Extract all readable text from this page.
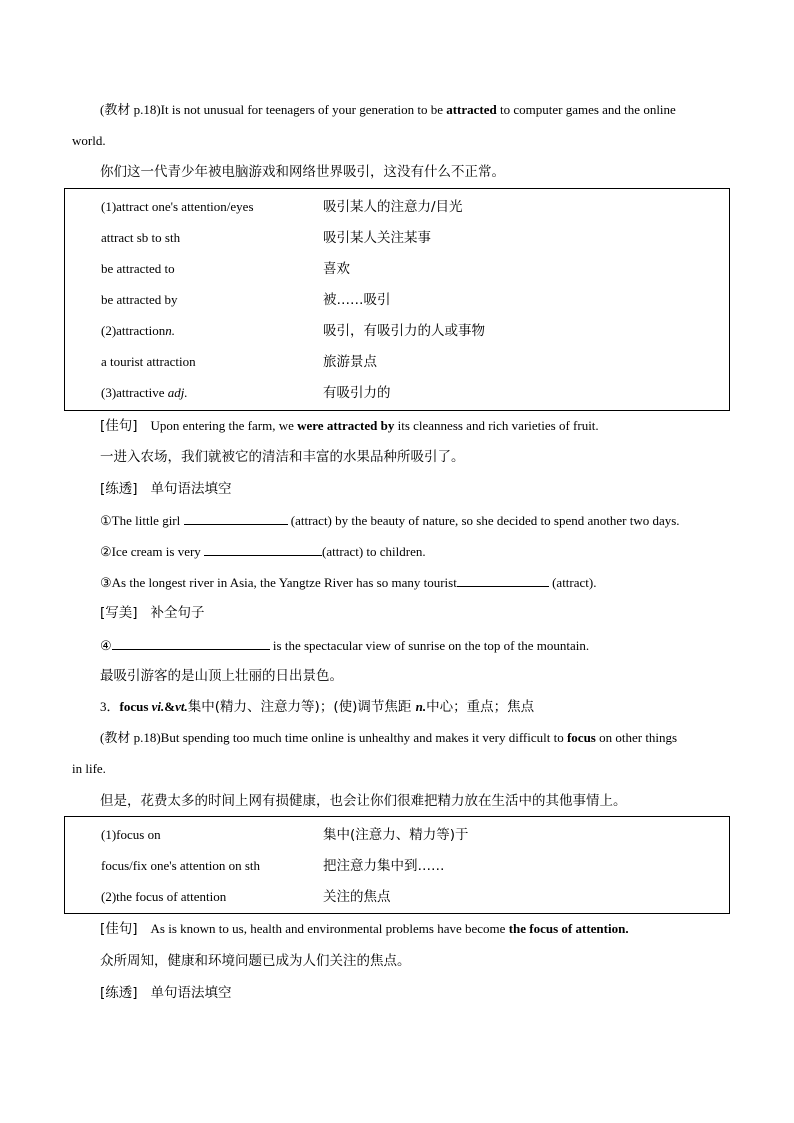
(教材 p.18)It is not unusual for teenagers of your generation to be attracted to computer games and the online
world.
你们这一代青少年被电脑游戏和网络世界吸引，这没有什么不正常。
(1)attract one's attention/eyes	吸引某人的注意力/目光
attract sb to sth	吸引某人关注某事
be attracted to	喜欢
be attracted by	被……吸引
(2)attractionn.	吸引，有吸引力的人或事物
a tourist attraction	旅游景点
(3)attractive adj.	有吸引力的
[佳句] Upon entering the farm, we were attracted by its cleanness and rich varieties of fruit.
一进入农场，我们就被它的清洁和丰富的水果品种所吸引了。
[练透] 单句语法填空
①The little girl	(attract) by the beauty of nature, so she decided to spend another two days.
②Ice cream is very	(attract) to children.
③As the longest river in Asia, the Yangtze River has so many tourist	(attract).
[写美] 补全句子
④	is the spectacular view of sunrise on the top of the mountain.
最吸引游客的是山顶上壮丽的日出景色。
3．focus vi.&vt.集中(精力、注意力等)；(使)调节焦距 n.中心；重点；焦点
(教材 p.18)But spending too much time online is unhealthy and makes it very difficult to focus on other things
in life.
但是，花费太多的时间上网有损健康，也会让你们很难把精力放在生活中的其他事情上。
(1)focus on	集中(注意力、精力等)于
focus/fix one's attention on sth	把注意力集中到……
(2)the focus of attention	关注的焦点
[佳句] As is known to us, health and environmental problems have become the focus of attention.
众所周知，健康和环境问题已成为人们关注的焦点。
[练透] 单句语法填空
